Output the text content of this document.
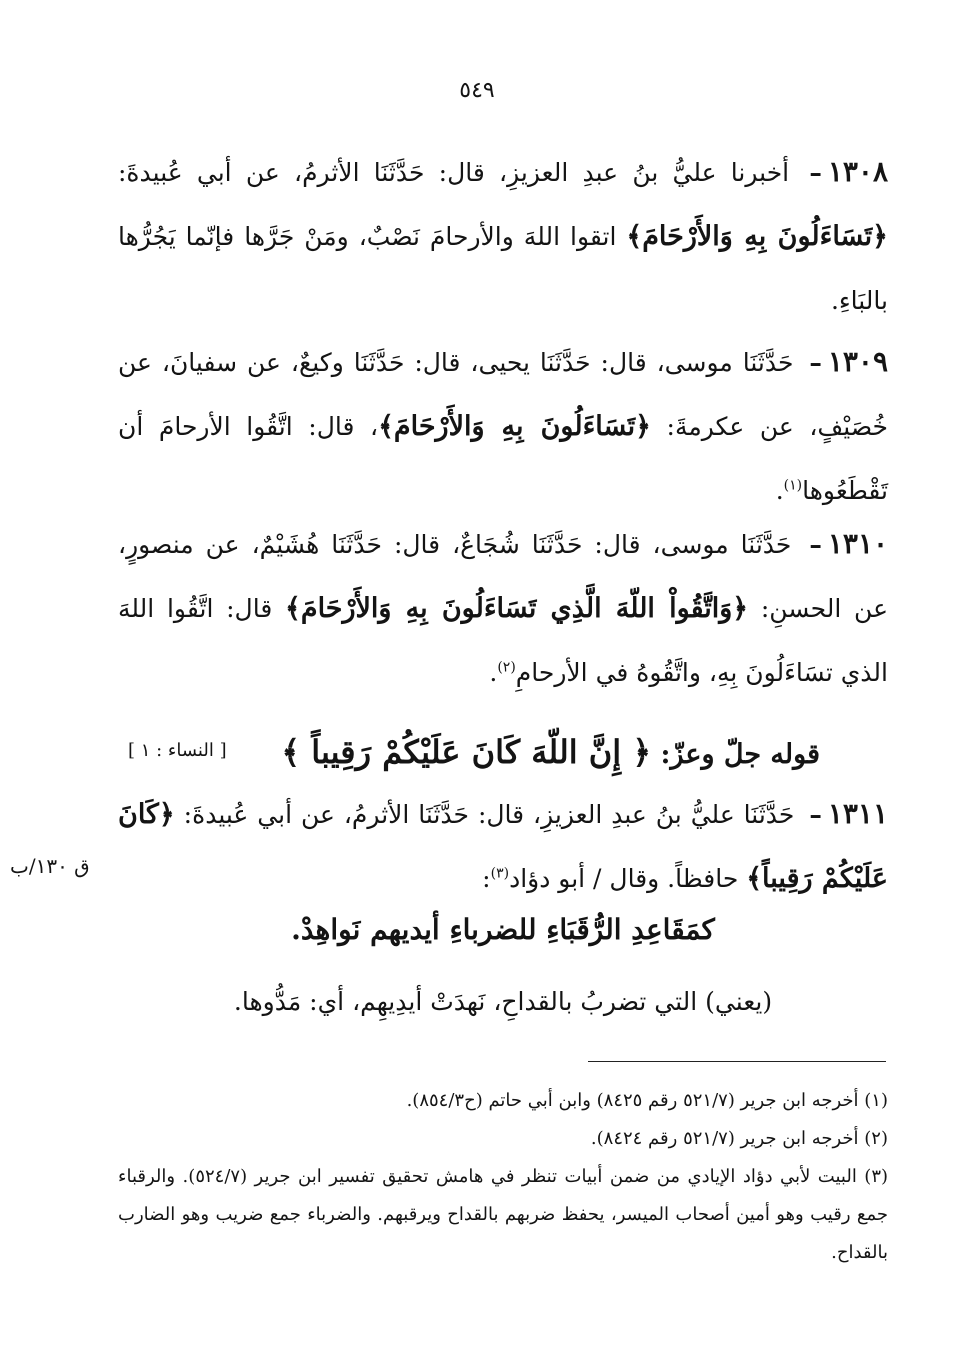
٥٤٩
١٣٠٨– أخبرنا عليُّ بنُ عبدِ العزيزِ، قال: حَدَّثَنَا الأثرمُ، عن أبي عُبيدةَ: ﴿تَسَاءَلُونَ بِهِ وَالأَرْحَامَ﴾ اتقوا اللهَ والأرحامَ نَصْبٌ، ومَنْ جَرَّها فإنّما يَجُرُّها بالبَاءِ.
١٣٠٩– حَدَّثَنَا موسى، قال: حَدَّثَنَا يحيى، قال: حَدَّثَنَا وكيعٌ، عن سفيانَ، عن خُصَيْفٍ، عن عكرمةَ: ﴿تَسَاءَلُونَ بِهِ وَالأَرْحَامَ﴾، قال: اتَّقُوا الأرحامَ أن تَقْطَعُوها$^{(١)}$.
١٣١٠– حَدَّثَنَا موسى، قال: حَدَّثَنَا شُجَاعٌ، قال: حَدَّثَنَا هُشَيْمٌ، عن منصورٍ، عن الحسنِ: ﴿وَاتَّقُواْ اللّهَ الَّذِي تَسَاءَلُونَ بِهِ وَالأَرْحَامَ﴾ قال: اتَّقُوا اللهَ الذي تسَاءَلُونَ بِهِ، واتَّقُوهُ في الأرحامِ$^{(٢)}$.
قوله جلّ وعزّ: ﴿ إِنَّ اللّهَ كَانَ عَلَيْكُمْ رَقِيباً ﴾
[ النساء : ١ ]
١٣١١– حَدَّثَنَا عليُّ بنُ عبدِ العزيزِ، قال: حَدَّثَنَا الأثرمُ، عن أبي عُبيدةَ: ﴿كَانَ عَلَيْكُمْ رَقِيباً﴾ حافظاً. وقال / أبو دؤاد$^{(٣)}$:
ق ١٣٠/ب
كمَقَاعِدِ الرُّقَبَاءِ للضرباءِ أيديهم نَواهِدْ.
(يعني) التي تضربُ بالقداحِ، نَهدَتْ أيدِيهِم، أي: مَدُّوها.

(١) أخرجه ابن جرير (٥٢١/٧ رقم ٨٤٢٥) وابن أبي حاتم (ح٨٥٤/٣).

(٢) أخرجه ابن جرير (٥٢١/٧ رقم ٨٤٢٤).

(٣) البيت لأبي دؤاد الإيادي من ضمن أبيات تنظر في هامش تحقيق تفسير ابن جرير (٥٢٤/٧). والرقباء جمع رقيب وهو أمين أصحاب الميسر، يحفظ ضربهم بالقداح ويرقبهم. والضرباء جمع ضريب وهو الضارب بالقداح.
